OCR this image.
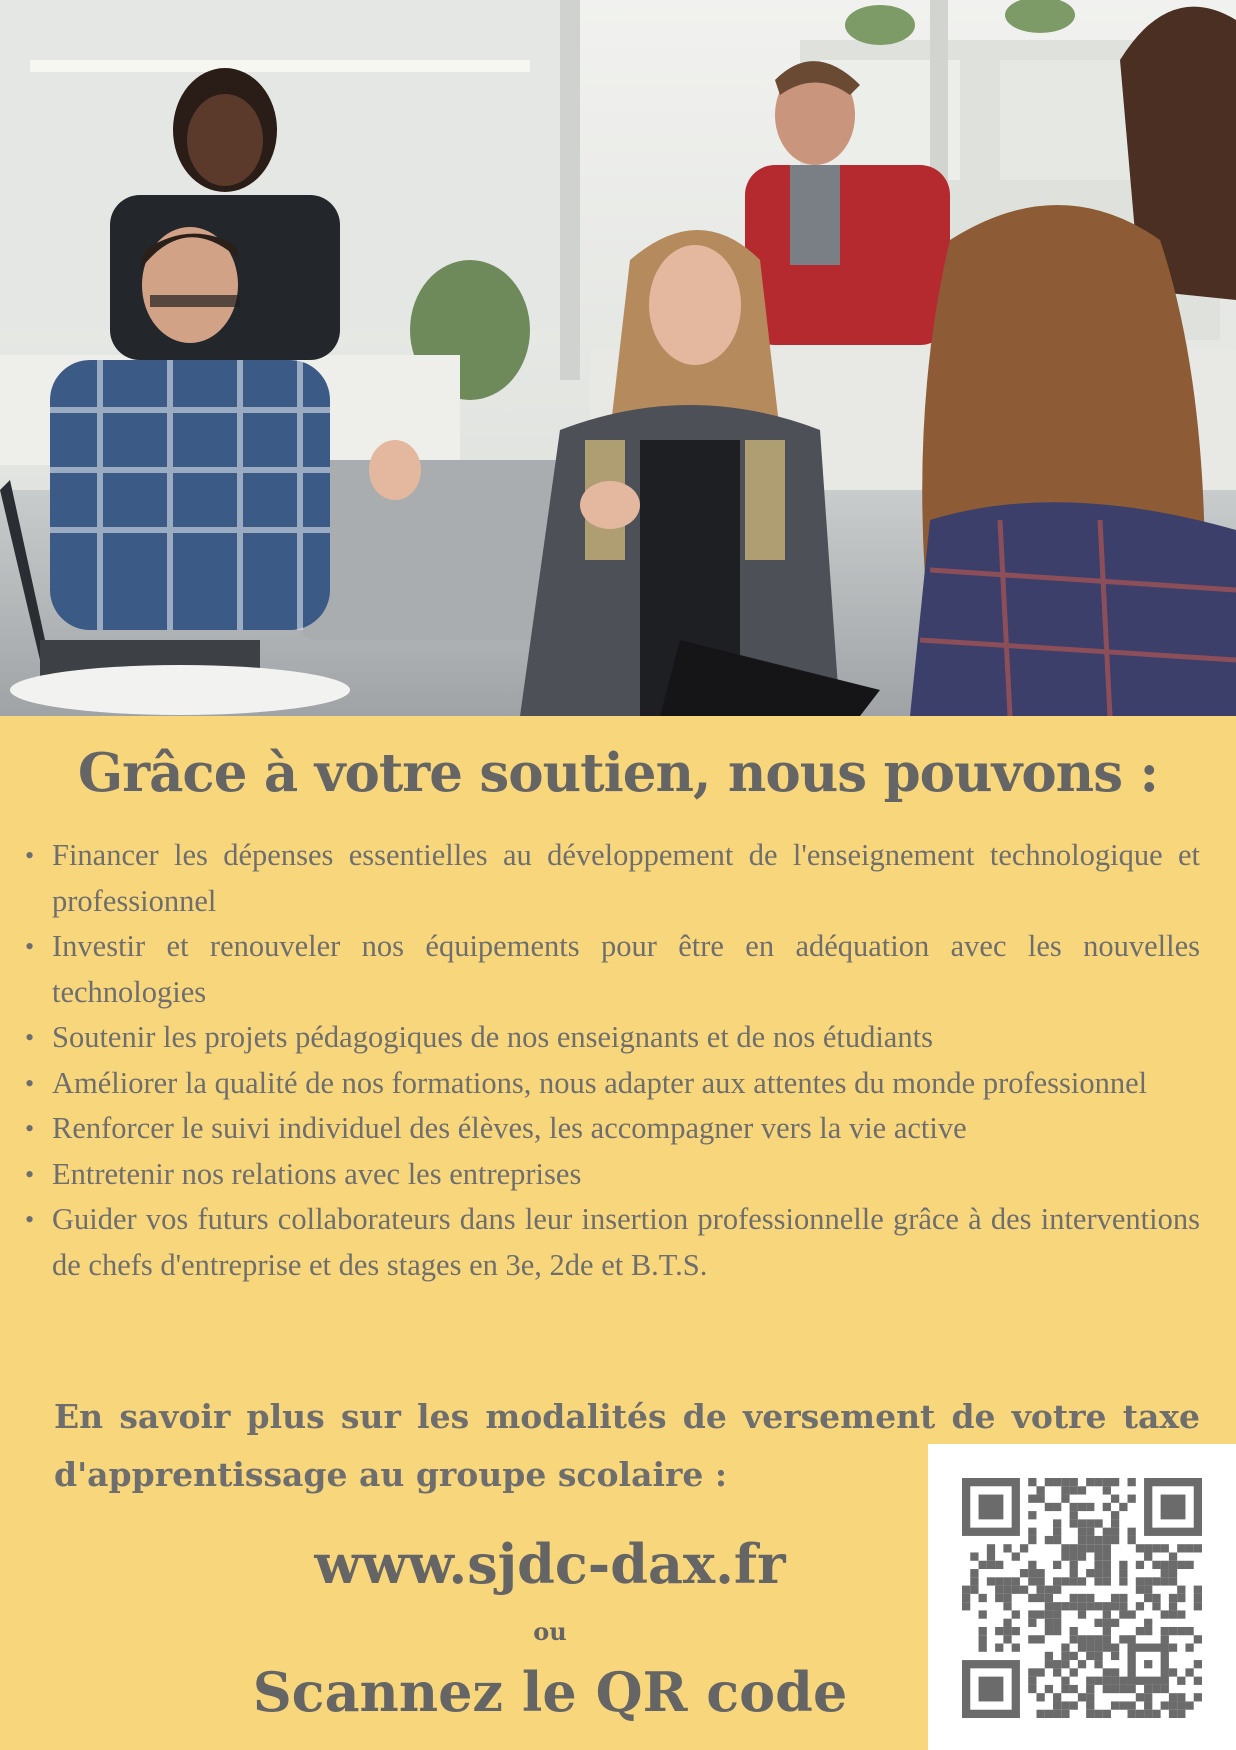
Grâce à votre soutien, nous pouvons :
• Financer les dépenses essentielles au développement de l'enseignement technologique et professionnel
• Investir et renouveler nos équipements pour être en adéquation avec les nouvelles technologies
• Soutenir les projets pédagogiques de nos enseignants et de nos étudiants
• Améliorer la qualité de nos formations, nous adapter aux attentes du monde professionnel
• Renforcer le suivi individuel des élèves, les accompagner vers la vie active
• Entretenir nos relations avec les entreprises
• Guider vos futurs collaborateurs dans leur insertion professionnelle grâce à des interventions de chefs d'entreprise et des stages en 3e, 2de et B.T.S.

En savoir plus sur les modalités de versement de votre taxe d'apprentissage au groupe scolaire :

www.sjdc-dax.fr
ou
Scannez le QR code
